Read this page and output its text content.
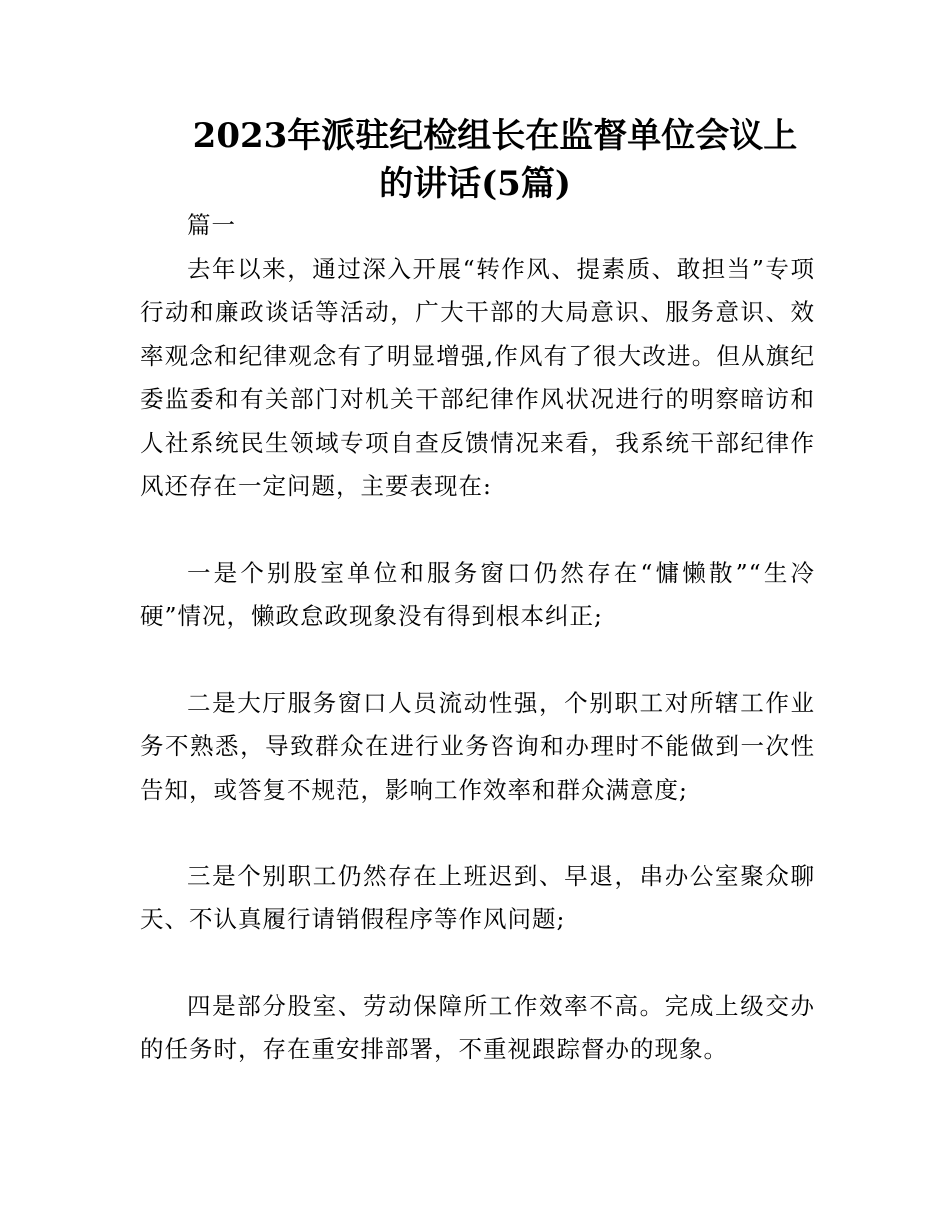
2023年派驻纪检组长在监督单位会议上
的讲话(5篇)

篇一

去年以来，通过深入开展“转作风、提素质、敢担当”专项行动和廉政谈话等活动，广大干部的大局意识、服务意识、效率观念和纪律观念有了明显增强,作风有了很大改进。但从旗纪委监委和有关部门对机关干部纪律作风状况进行的明察暗访和人社系统民生领域专项自查反馈情况来看，我系统干部纪律作风还存在一定问题，主要表现在:

一是个别股室单位和服务窗口仍然存在“慵懒散”“生冷硬”情况，懒政怠政现象没有得到根本纠正;

二是大厅服务窗口人员流动性强，个别职工对所辖工作业务不熟悉，导致群众在进行业务咨询和办理时不能做到一次性告知，或答复不规范，影响工作效率和群众满意度;

三是个别职工仍然存在上班迟到、早退，串办公室聚众聊天、不认真履行请销假程序等作风问题;

四是部分股室、劳动保障所工作效率不高。完成上级交办的任务时，存在重安排部署，不重视跟踪督办的现象。
